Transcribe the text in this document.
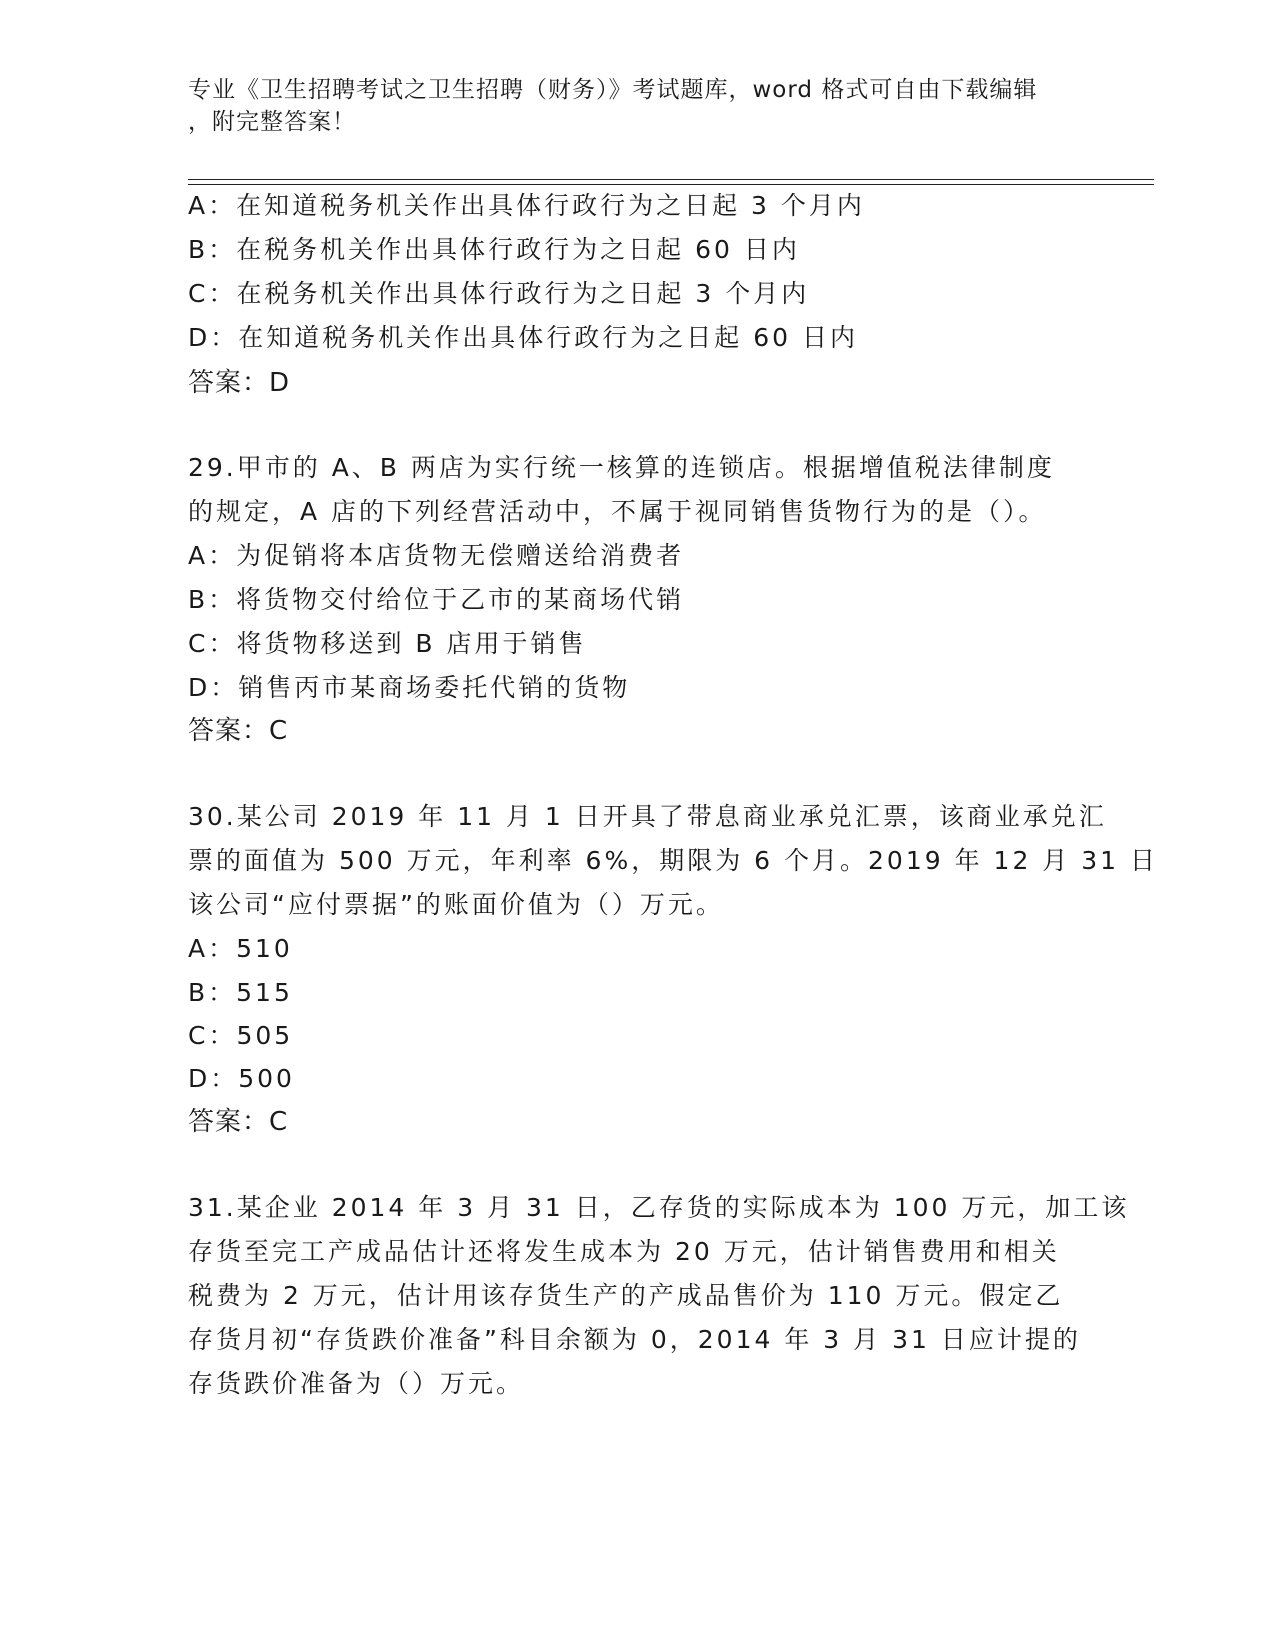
专业《卫生招聘考试之卫生招聘（财务）》考试题库，word 格式可自由下载编辑
，附完整答案！
A：在知道税务机关作出具体行政行为之日起 3 个月内
B：在税务机关作出具体行政行为之日起 60 日内
C：在税务机关作出具体行政行为之日起 3 个月内
D：在知道税务机关作出具体行政行为之日起 60 日内
答案：D
29.甲市的 A、B 两店为实行统一核算的连锁店。根据增值税法律制度
的规定，A 店的下列经营活动中，不属于视同销售货物行为的是（）。
A：为促销将本店货物无偿赠送给消费者
B：将货物交付给位于乙市的某商场代销
C：将货物移送到 B 店用于销售
D：销售丙市某商场委托代销的货物
答案：C
30.某公司 2019 年 11 月 1 日开具了带息商业承兑汇票，该商业承兑汇
票的面值为 500 万元，年利率 6%，期限为 6 个月。2019 年 12 月 31 日
该公司“应付票据”的账面价值为（）万元。
A：510
B：515
C：505
D：500
答案：C
31.某企业 2014 年 3 月 31 日，乙存货的实际成本为 100 万元，加工该
存货至完工产成品估计还将发生成本为 20 万元，估计销售费用和相关
税费为 2 万元，估计用该存货生产的产成品售价为 110 万元。假定乙
存货月初“存货跌价准备”科目余额为 0，2014 年 3 月 31 日应计提的
存货跌价准备为（）万元。
